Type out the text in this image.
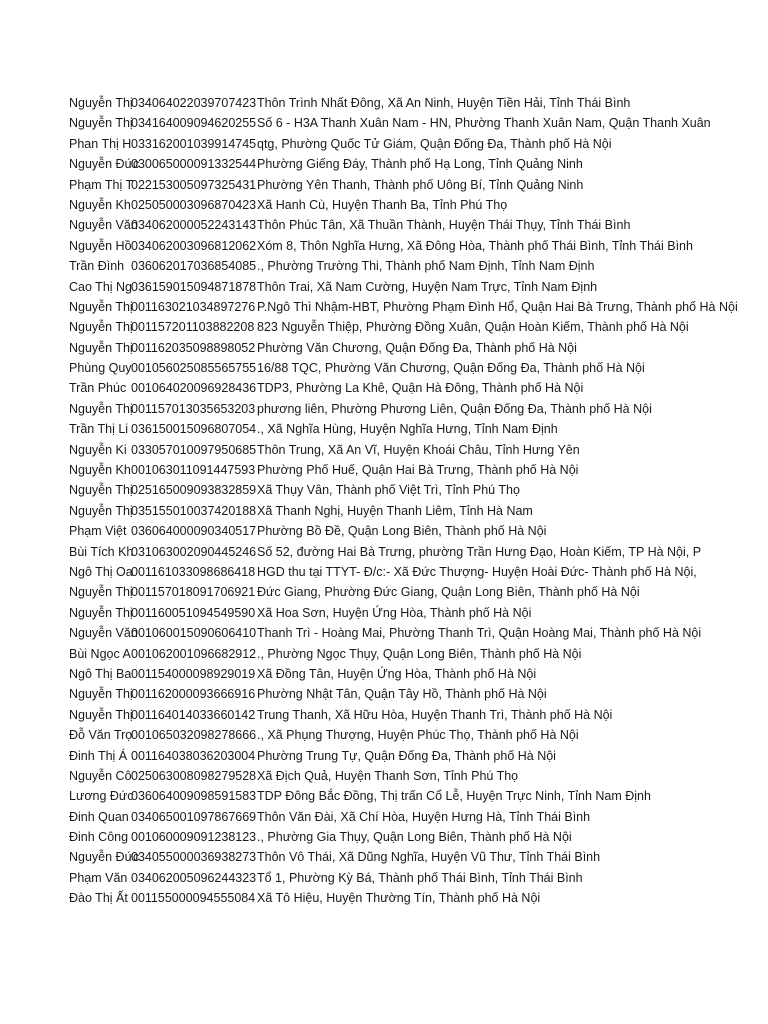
Nguyễn Thị
034064022039707423 Thôn Trình Nhất Đông, Xã An Ninh, Huyện Tiền Hải, Tỉnh Thái Bình
Nguyễn Thị
034164009094620255 Số 6 - H3A Thanh Xuân Nam - HN, Phường Thanh Xuân Nam, Quận Thanh Xuân
Phan Thị H 033162001039914745 qtg, Phường Quốc Tử Giám, Quận Đống Đa, Thành phố Hà Nội
Nguyễn Đức
030065000091332544 Phường Giếng Đáy, Thành phố Hạ Long, Tỉnh Quảng Ninh
Phạm Thị T
022153005097325431 Phường Yên Thanh, Thành phố Uông Bí, Tỉnh Quảng Ninh
Nguyễn Kh 025050003096870423 Xã Hanh Cù, Huyện Thanh Ba, Tỉnh Phú Thọ
Nguyễn Văn
034062000052243143 Thôn Phúc Tân, Xã Thuần Thành, Huyện Thái Thụy, Tỉnh Thái Bình
Nguyễn Hồ 034062003096812062 Xóm 8, Thôn Nghĩa Hưng, Xã Đông Hòa, Thành phố Thái Bình, Tỉnh Thái Bình
Trần Đình 036062017036854085 ., Phường Trường Thi, Thành phố Nam Định, Tỉnh Nam Định
Cao Thị Ng 036159015094871878 Thôn Trai, Xã Nam Cường, Huyện Nam Trực, Tỉnh Nam Định
Nguyễn Thị
001163021034897276 P.Ngô Thì Nhậm-HBT, Phường Phạm Đình Hổ, Quận Hai Bà Trưng, Thành phố Hà Nội
Nguyễn Thị
001157201103882208 823 Nguyễn Thiệp, Phường Đồng Xuân, Quận Hoàn Kiếm, Thành phố Hà Nội
Nguyễn Thị
001162035098898052 Phường Văn Chương, Quận Đống Đa, Thành phố Hà Nội
Phùng Quy 001056025085565755 16/88 TQC, Phường Văn Chương, Quận Đống Đa, Thành phố Hà Nội
Trần Phúc 001064020096928436 TDP3, Phường La Khê, Quận Hà Đông, Thành phố Hà Nội
Nguyễn Thị
001157013035653203 phương liên, Phường Phương Liên, Quận Đống Đa, Thành phố Hà Nội
Trần Thị Li 036150015096807054 ., Xã Nghĩa Hùng, Huyện Nghĩa Hưng, Tỉnh Nam Định
Nguyễn Ki 033057010097950685 Thôn Trung, Xã An Vĩ, Huyện Khoái Châu, Tỉnh Hưng Yên
Nguyễn Kh 001063011091447593 Phường Phố Huế, Quận Hai Bà Trưng, Thành phố Hà Nội
Nguyễn Thị
025165009093832859 Xã Thụy Vân, Thành phố Việt Trì, Tỉnh Phú Thọ
Nguyễn Thị
035155010037420188 Xã Thanh Nghị, Huyện Thanh Liêm, Tỉnh Hà Nam
Phạm Việt 036064000090340517 Phường Bồ Đề, Quận Long Biên, Thành phố Hà Nội
Bùi Tích Kh
031063002090445246 Số 52, đường Hai Bà Trưng, phường Trần Hưng Đạo, Hoàn Kiếm, TP Hà Nội, P
Ngô Thị Oa
001161033098686418 HGD thu tại TTYT- Đ/c:- Xã Đức Thượng- Huyện Hoài Đức- Thành phố Hà Nội,
Nguyễn Thị
001157018091706921 Đức Giang, Phường Đức Giang, Quận Long Biên, Thành phố Hà Nội
Nguyễn Thị
001160051094549590 Xã Hoa Sơn, Huyện Ứng Hòa, Thành phố Hà Nội
Nguyễn Văn
001060015090606410 Thanh Trì - Hoàng Mai, Phường Thanh Trì, Quận Hoàng Mai, Thành phố Hà Nội
Bùi Ngọc A 001062001096682912 ., Phường Ngọc Thụy, Quận Long Biên, Thành phố Hà Nội
Ngô Thị Ba 001154000098929019 Xã Đồng Tân, Huyện Ứng Hòa, Thành phố Hà Nội
Nguyễn Thị
001162000093666916 Phường Nhật Tân, Quận Tây Hồ, Thành phố Hà Nội
Nguyễn Thị
001164014033660142 Trung Thanh, Xã Hữu Hòa, Huyện Thanh Trì, Thành phố Hà Nội
Đỗ Văn Trọ
001065032098278666 ., Xã Phụng Thượng, Huyện Phúc Thọ, Thành phố Hà Nội
Đinh Thị Á 001164038036203004 Phường Trung Tự, Quận Đống Đa, Thành phố Hà Nội
Nguyễn Cô 025063008098279528 Xã Địch Quả, Huyện Thanh Sơn, Tỉnh Phú Thọ
Lương Đức
036064009098591583 TDP Đông Bắc Đồng, Thị trấn Cổ Lễ, Huyện Trực Ninh, Tỉnh Nam Định
Đinh Quan 034065001097867669 Thôn Văn Đài, Xã Chí Hòa, Huyện Hưng Hà, Tỉnh Thái Bình
Đinh Công 001060009091238123 ., Phường Gia Thụy, Quận Long Biên, Thành phố Hà Nội
Nguyễn Đức
034055000036938273 Thôn Vô Thái, Xã Dũng Nghĩa, Huyện Vũ Thư, Tỉnh Thái Bình
Phạm Văn 034062005096244323 Tổ 1, Phường Kỳ Bá, Thành phố Thái Bình, Tỉnh Thái Bình
Đào Thị Ất 001155000094555084 Xã Tô Hiệu, Huyện Thường Tín, Thành phố Hà Nội
